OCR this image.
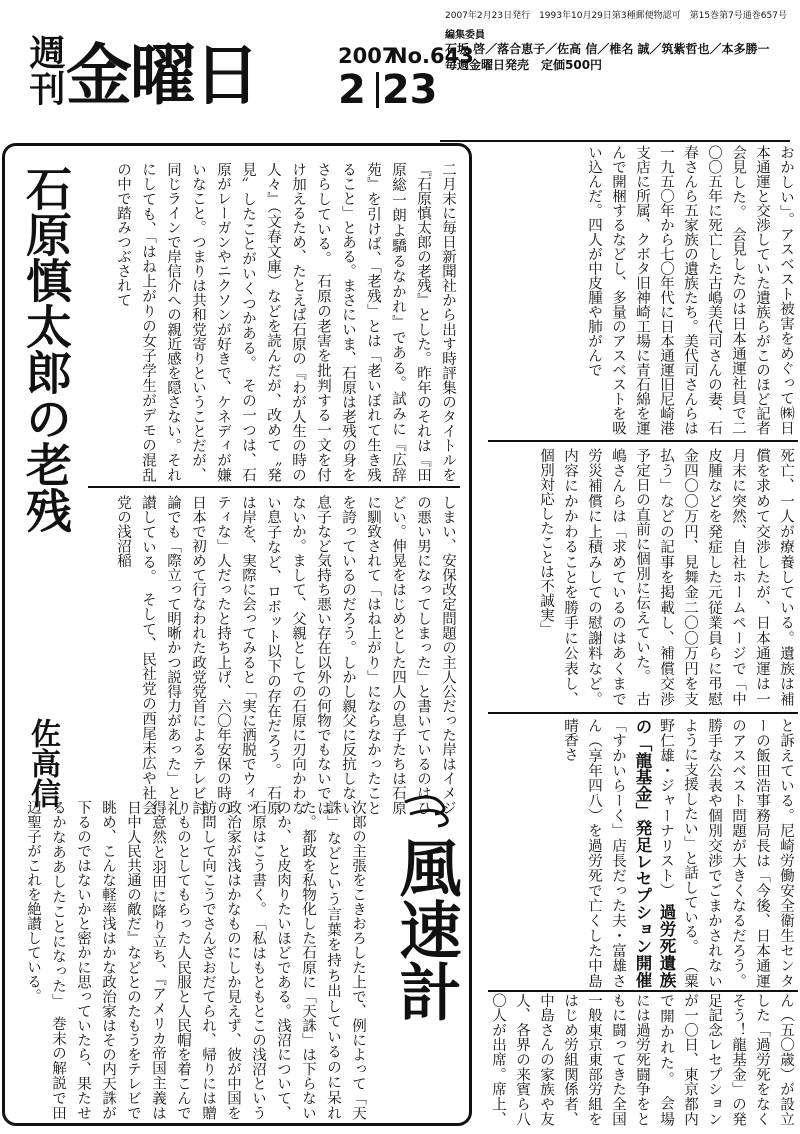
週刊 金曜日	2007
No.643
2 23
2007年2月23日発行　1993年10月29日第3種郵便物認可　第15巻第7号通巻657号
編集委員
石坂 啓／落合恵子／佐高 信／椎名 誠／筑紫哲也／本多勝一
毎週金曜日発売　定価500円
石原慎太郎の老残
佐高信
二月末に毎日新聞社から出す時評集のタイトルを『石原慎太郎の老残』とした。昨年のそれは『田原総一朗よ驕るなかれ』である。試みに『広辞苑』を引けば、「老残」とは「老いぼれて生き残ること」とある。まさにいま、石原は老残の身をさらしている。　石原の老害を批判する一文を付け加えるため、たとえば石原の『わが人生の時の人々』（文春文庫）などを読んだが、改めて〝発見〟したことがいくつかある。　その一つは、石原がレーガンやニクソンが好きで、ケネディが嫌いなこと。つまりは共和党寄りということだが、同じラインで岸信介への親近感を隠さない。それにしても、「はね上がりの女子学生がデモの混乱の中で踏みつぶされて
しまい、安保改定問題の主人公だった岸はイメジの悪い男になってしまった」と書いているのはひどい。伸晃をはじめとした四人の息子たちは石原に馴致されて「はね上がり」にならなかったことを誇っているのだろう。しかし親父に反抗しない息子など気持ち悪い存在以外の何物でもないではないか。まして、父親としての石原に刃向かわない息子など、ロボット以下の存在だろう。　石原は岸を、実際に会ってみると「実に洒脱でウィッティな」人だったと持ち上げ、六〇年安保の時の日本で初めて行なわれた政党党首によるテレビ討論でも「際立って明晰かつ説得力があった」と礼讃している。　そして、民社党の西尾末広や社会党の浅沼稲
次郎の主張をこきおろした上で、例によって「天誅」などという言葉を持ち出しているのに呆れた。都政を私物化した石原に「天誅」は下らないのか、と皮肉りたいほどである。浅沼について、石原はこう書く。　「私はもともとこの浅沼という政治家が浅はかなものにしか見えず、彼が中国を訪問して向こうでさんざおだてられ、帰りには贈りものとしてもらった人民服と人民帽を着こんで得意然と羽田に降り立ち、『アメリカ帝国主義は日中人民共通の敵だ』などとのたもうをテレビで眺め、こんな軽率浅はかな政治家はその内天誅が下るのではないかと密かに思っていたら、果たせるかなああしたことになった」　巻末の解説で田辺聖子がこれを絶讃している。	風速計
おかしい」。アスベスト被害をめぐって㈱日本通運と交渉していた遺族らがこのほど記者会見した。　会見したのは日本通運社員で二〇〇五年に死亡した古嶋美代司さんの妻、石春さんら五家族の遺族たち。美代司さんらは一九五〇年から七〇年代に日本通運旧尼崎港支店に所属、クボタ旧神崎工場に青石綿を運んで開梱するなどし、多量のアスベストを吸い込んだ。四人が中皮腫や肺がんで
死亡、一人が療養している。遺族は補償を求めて交渉したが、日本通運は一月末に突然、自社ホームページで「中皮腫などを発症した元従業員らに弔慰金四〇〇万円、見舞金二〇〇万円を支払う」などの記事を掲載し、補償交渉予定日の直前に個別に伝えていた。　古嶋さんらは「求めているのはあくまで労災補償に上積みしての慰謝料など。内容にかかわることを勝手に公表し、個別対応したことは不誠実」
と訴えている。尼崎労働安全衛生センターの飯田浩事務局長は「今後、日本通運のアスベスト問題が大きくなるだろう。勝手な公表や個別交渉でごまかされないように支援したい」と話している。 （粟野仁雄・ジャーナリスト） 過労死遺族の「龍基金」発足レセプション開催 「すかいらーく」店長だった夫・富雄さん（享年四八）を過労死で亡くした中島晴香さ
ん（五〇歳）が設立した「過労死をなくそう！龍基金」の発足記念レセプションが一〇日、東京都内で開かれた。　会場には過労死闘争をともに闘ってきた全国一般東京東部労組をはじめ労組関係者、中島さんの家族や友人、各界の来賓ら八〇人が出席。席上、
